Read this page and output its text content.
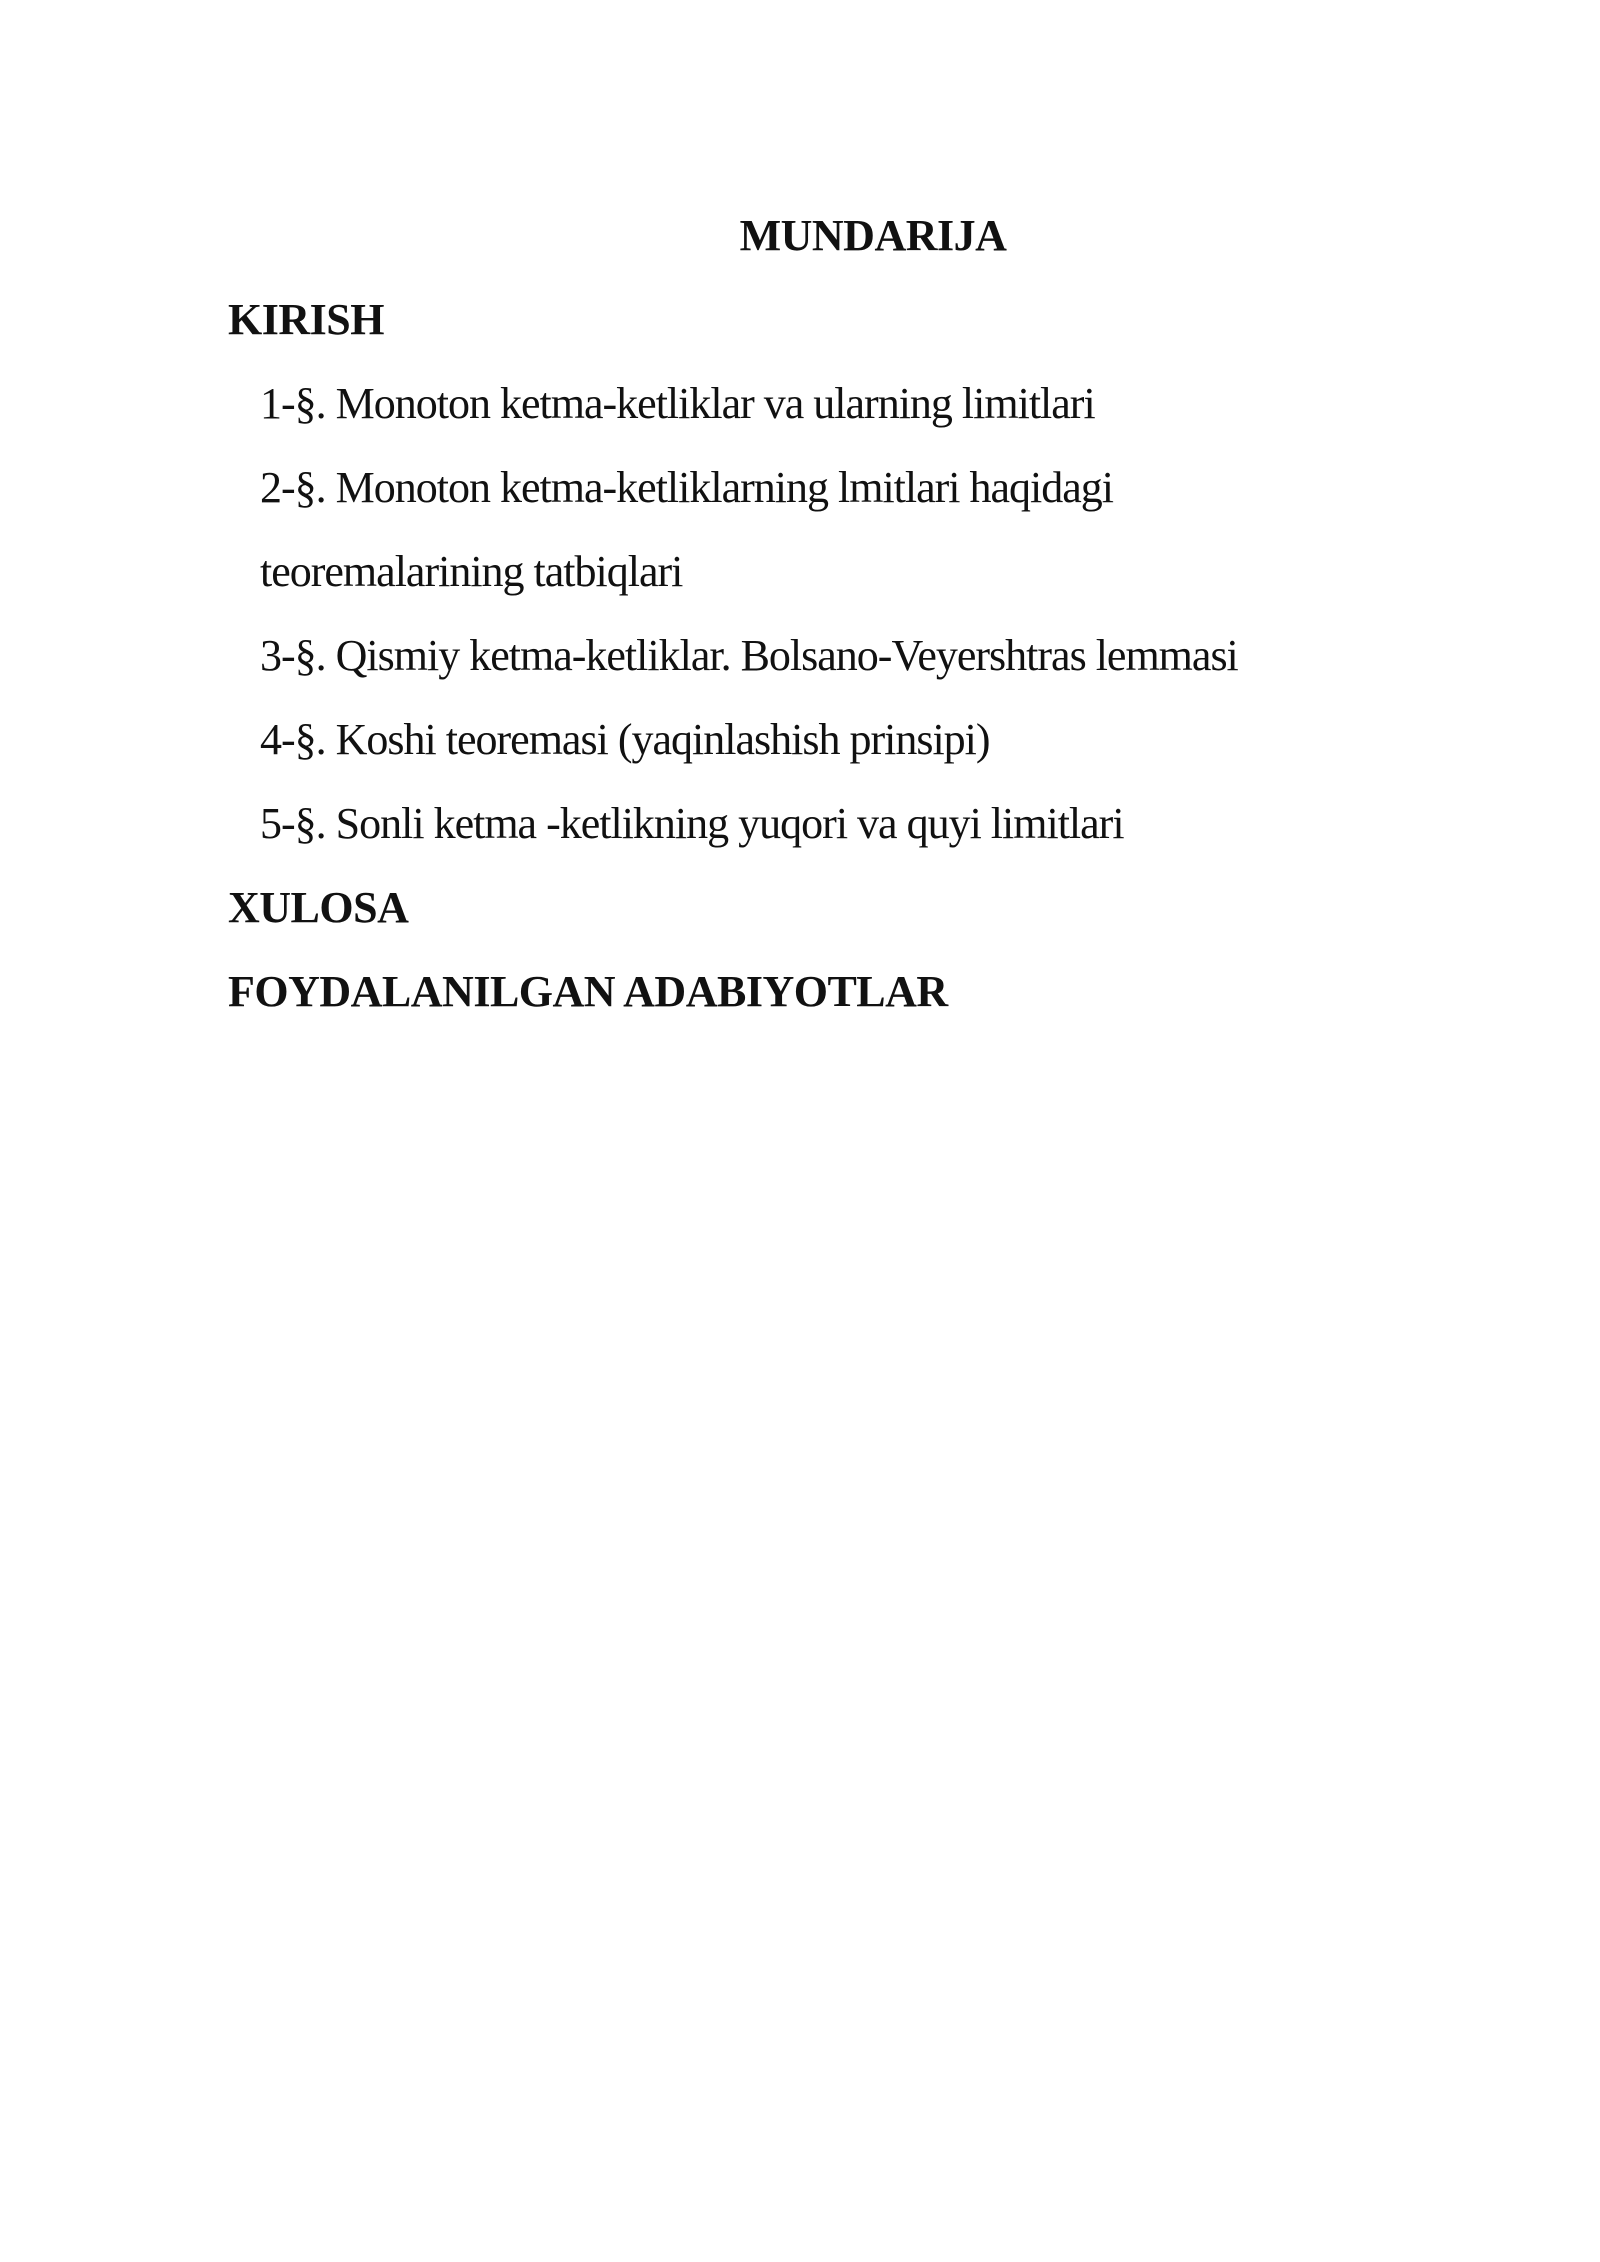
MUNDARIJA
KIRISH
1-§. Monoton ketma-ketliklar va ularning limitlari
2-§. Monoton ketma-ketliklarning lmitlari haqidagi
teoremalarining tatbiqlari
3-§. Qismiy ketma-ketliklar. Bolsano-Veyershtras lemmasi
4-§. Koshi teoremasi (yaqinlashish prinsipi)
5-§. Sonli ketma -ketlikning yuqori va quyi limitlari
XULOSA
FOYDALANILGAN ADABIYOTLAR
